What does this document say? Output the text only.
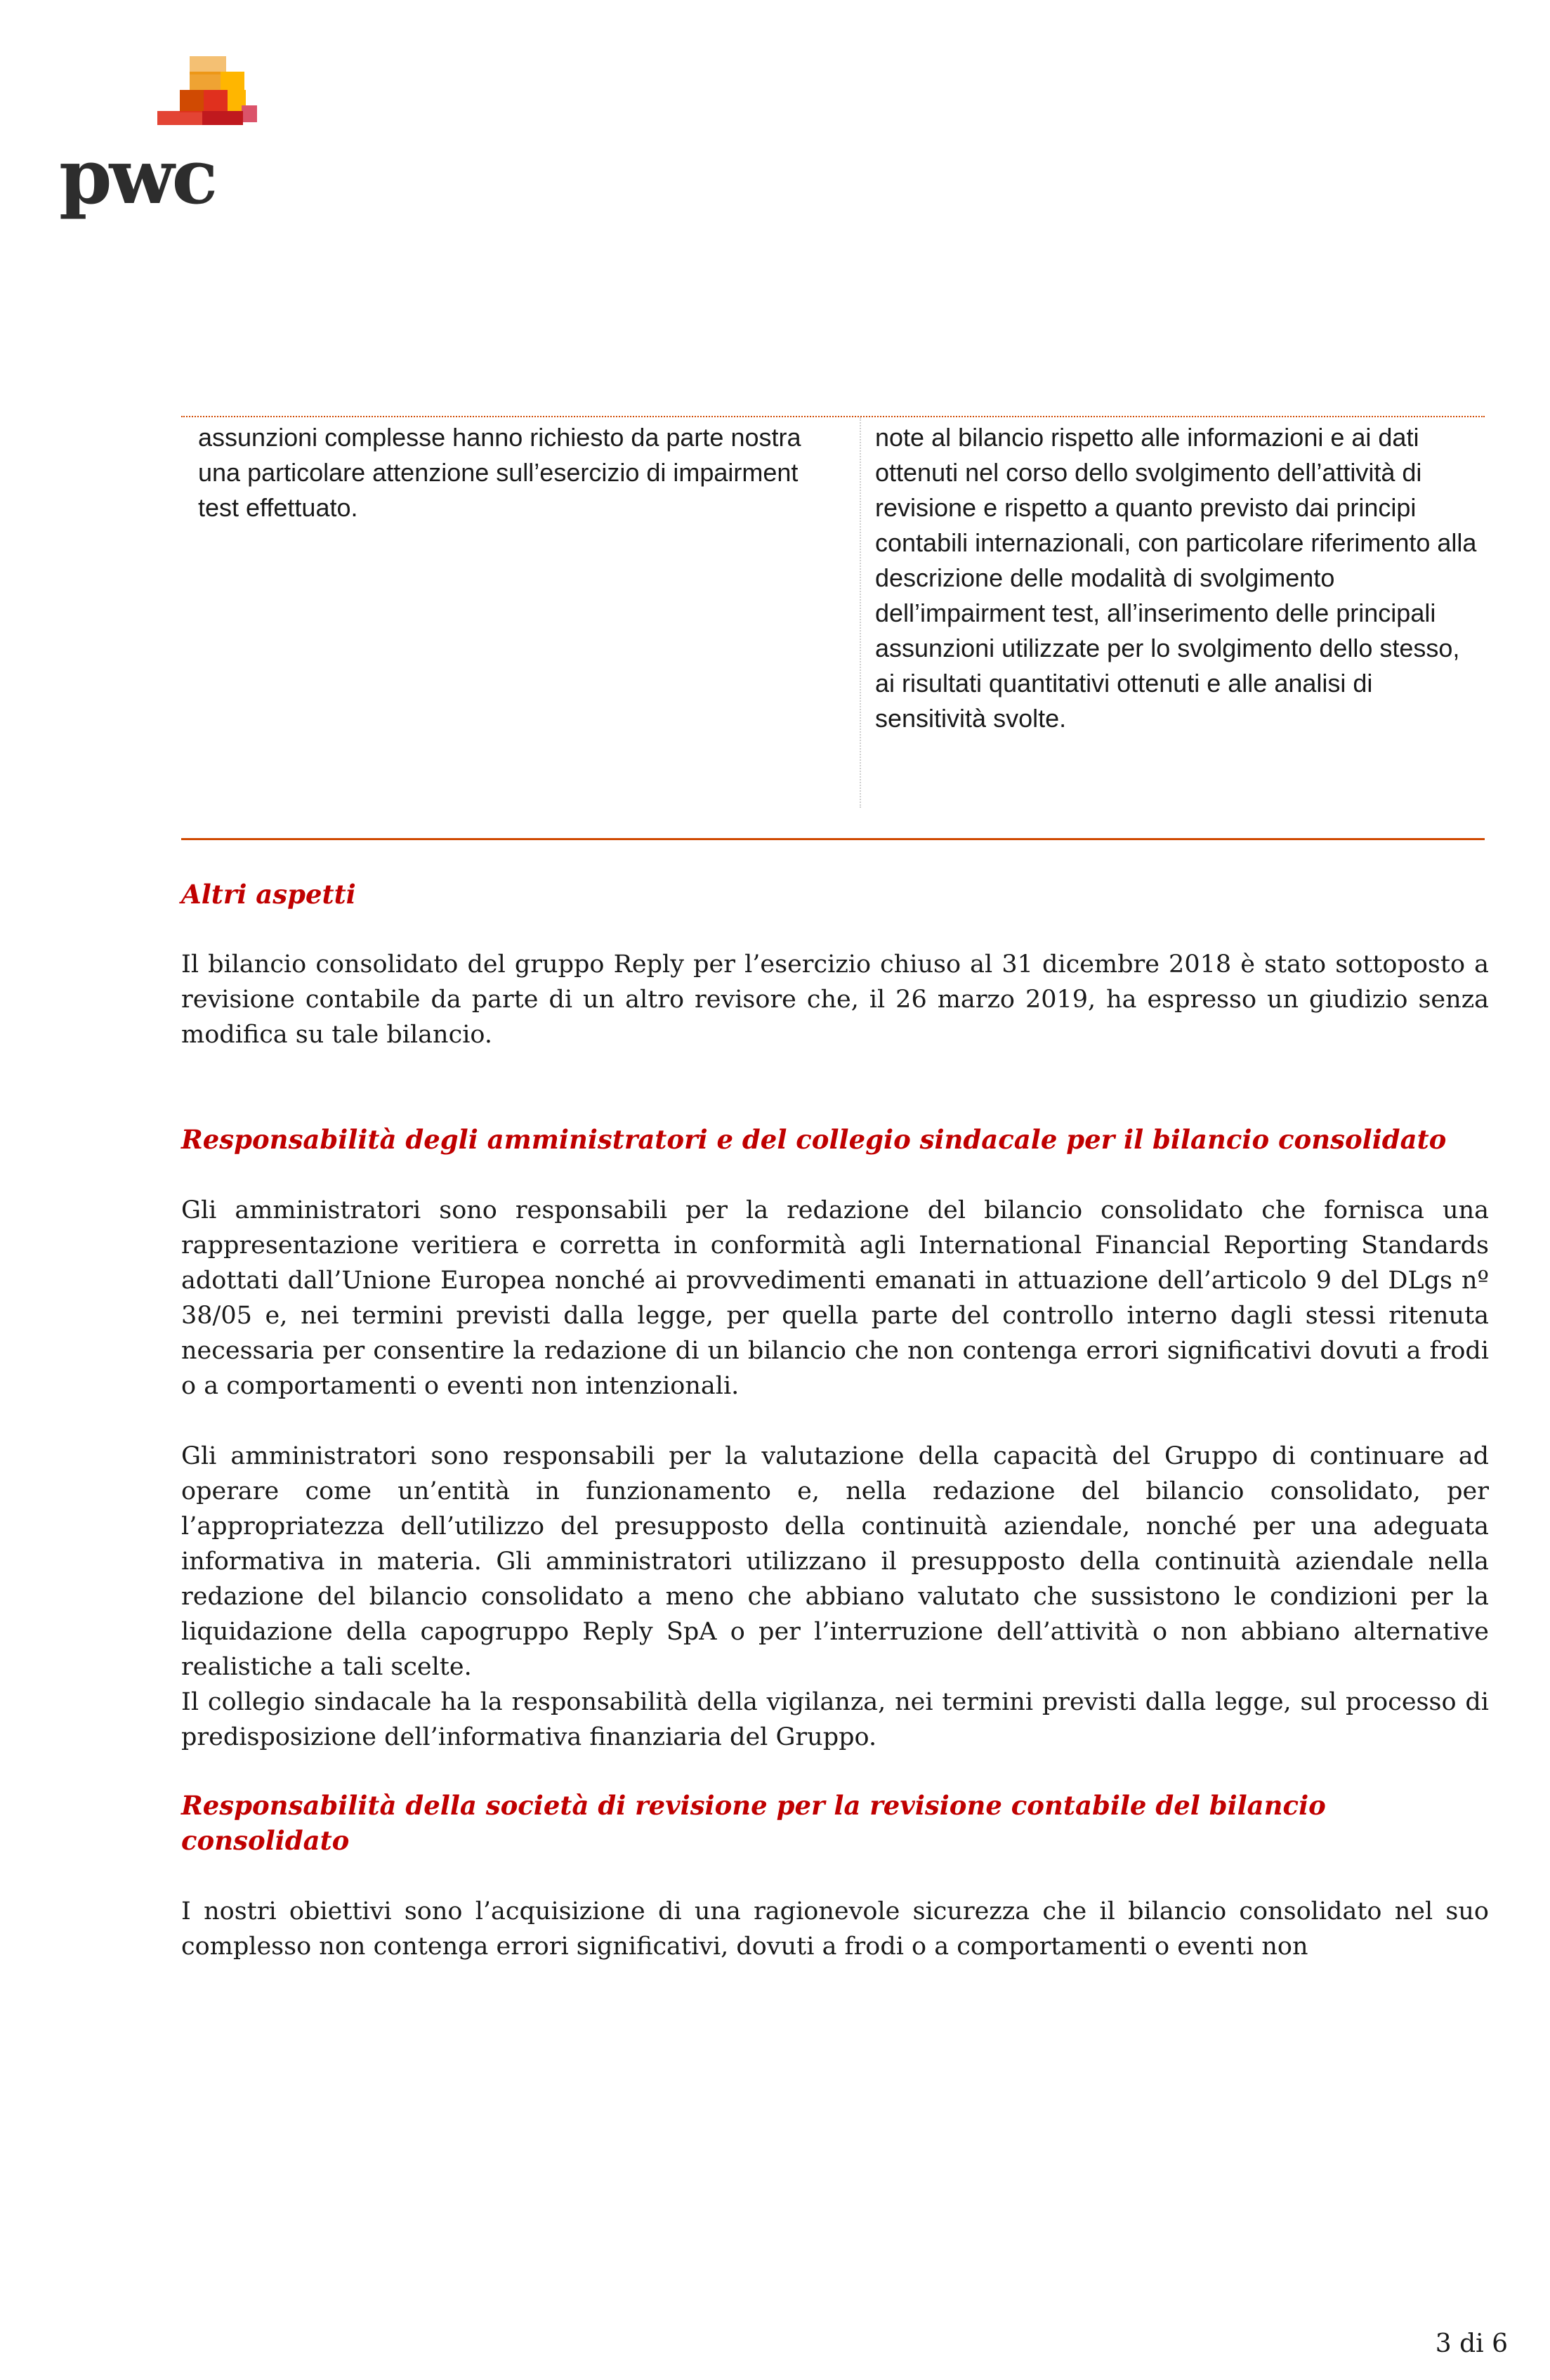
pwc

assunzioni complesse hanno richiesto da parte nostra una particolare attenzione sull’esercizio di impairment test effettuato.

note al bilancio rispetto alle informazioni e ai dati ottenuti nel corso dello svolgimento dell’attività di revisione e rispetto a quanto previsto dai principi contabili internazionali, con particolare riferimento alla descrizione delle modalità di svolgimento dell’impairment test, all’inserimento delle principali assunzioni utilizzate per lo svolgimento dello stesso, ai risultati quantitativi ottenuti e alle analisi di sensitività svolte.

Altri aspetti

Il bilancio consolidato del gruppo Reply per l’esercizio chiuso al 31 dicembre 2018 è stato sottoposto a revisione contabile da parte di un altro revisore che, il 26 marzo 2019, ha espresso un giudizio senza modifica su tale bilancio.

Responsabilità degli amministratori e del collegio sindacale per il bilancio consolidato

Gli amministratori sono responsabili per la redazione del bilancio consolidato che fornisca una rappresentazione veritiera e corretta in conformità agli International Financial Reporting Standards adottati dall’Unione Europea nonché ai provvedimenti emanati in attuazione dell’articolo 9 del DLgs nº 38/05 e, nei termini previsti dalla legge, per quella parte del controllo interno dagli stessi ritenuta necessaria per consentire la redazione di un bilancio che non contenga errori significativi dovuti a frodi o a comportamenti o eventi non intenzionali.

Gli amministratori sono responsabili per la valutazione della capacità del Gruppo di continuare ad operare come un’entità in funzionamento e, nella redazione del bilancio consolidato, per l’appropriatezza dell’utilizzo del presupposto della continuità aziendale, nonché per una adeguata informativa in materia. Gli amministratori utilizzano il presupposto della continuità aziendale nella redazione del bilancio consolidato a meno che abbiano valutato che sussistono le condizioni per la liquidazione della capogruppo Reply SpA o per l’interruzione dell’attività o non abbiano alternative realistiche a tali scelte.

Il collegio sindacale ha la responsabilità della vigilanza, nei termini previsti dalla legge, sul processo di predisposizione dell’informativa finanziaria del Gruppo.

Responsabilità della società di revisione per la revisione contabile del bilancio consolidato

I nostri obiettivi sono l’acquisizione di una ragionevole sicurezza che il bilancio consolidato nel suo complesso non contenga errori significativi, dovuti a frodi o a comportamenti o eventi non

3 di 6
